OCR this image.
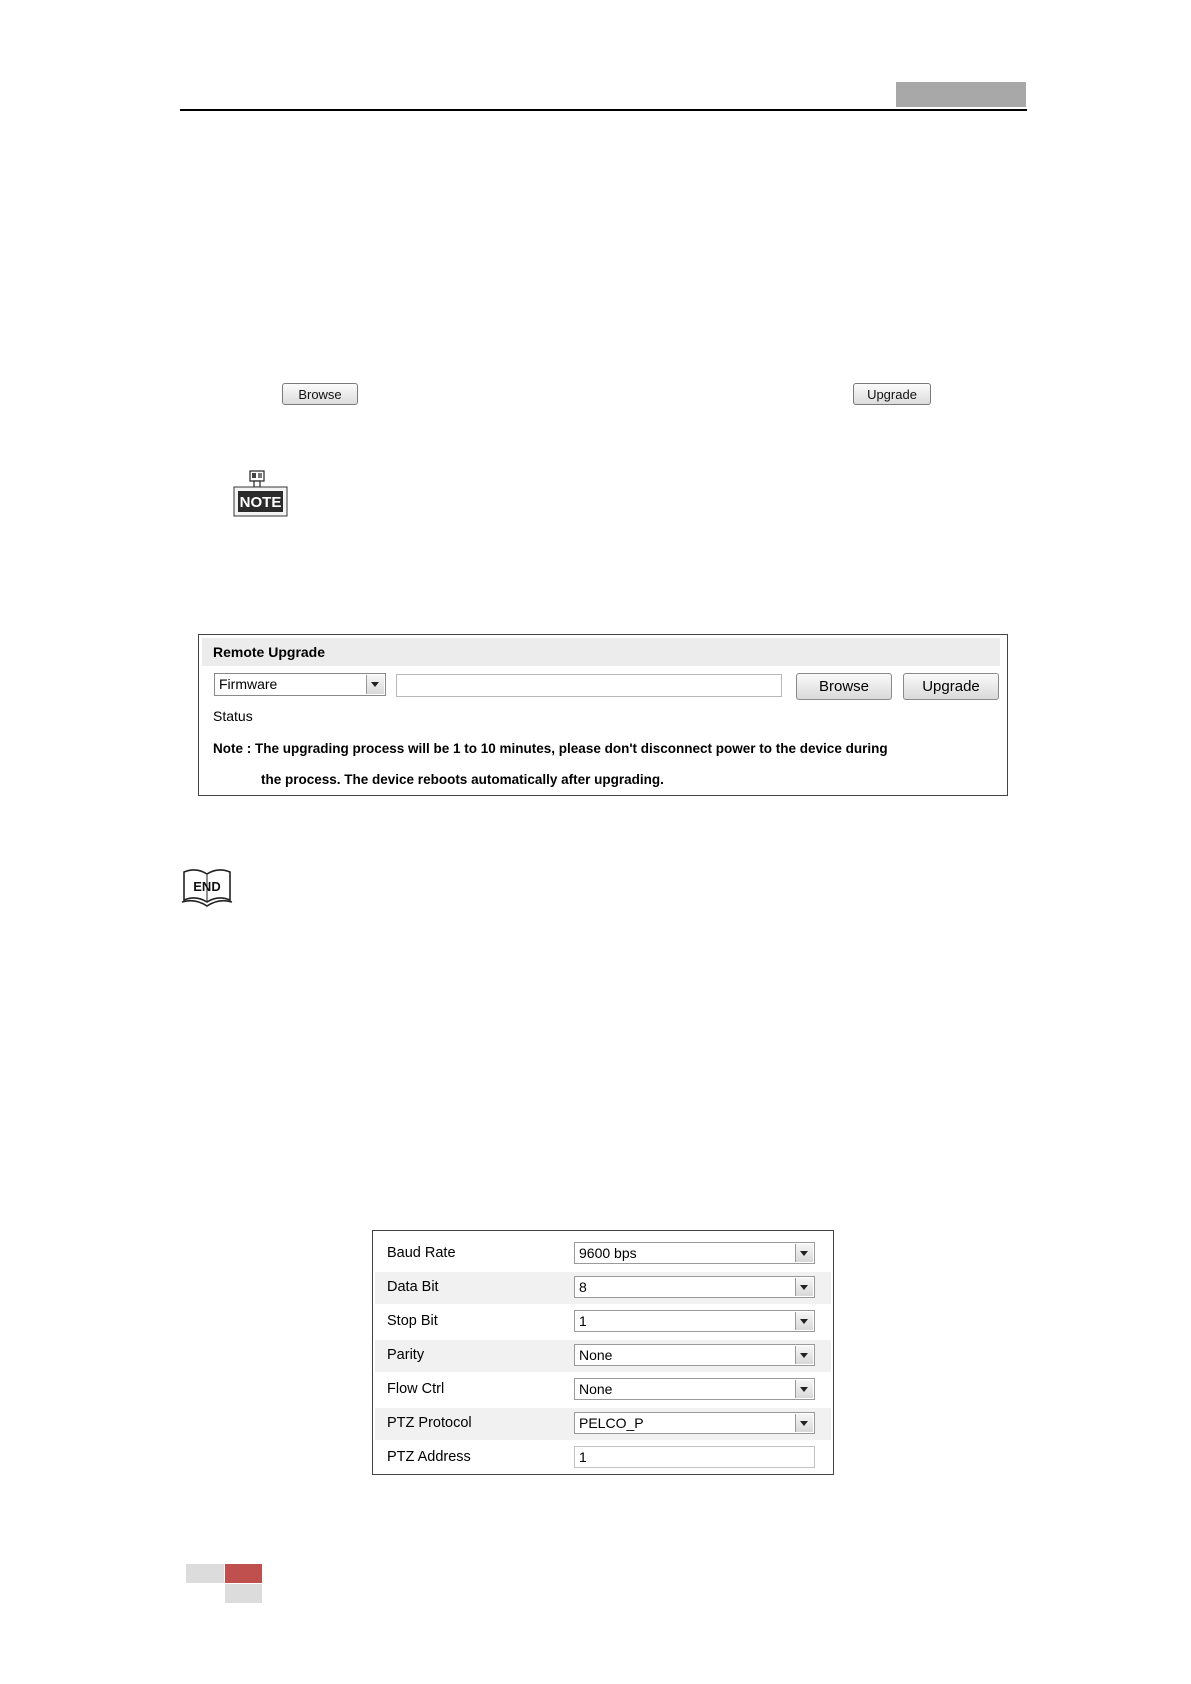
Browse	Upgrade
NOTE
Remote Upgrade
Firmware	Browse	Upgrade
Status
Note : The upgrading process will be 1 to 10 minutes, please don't disconnect power to the device during
the process. The device reboots automatically after upgrading.
END
Baud Rate	9600 bps
Data Bit	8
Stop Bit	1
Parity	None
Flow Ctrl	None
PTZ Protocol	PELCO_P
PTZ Address	1
